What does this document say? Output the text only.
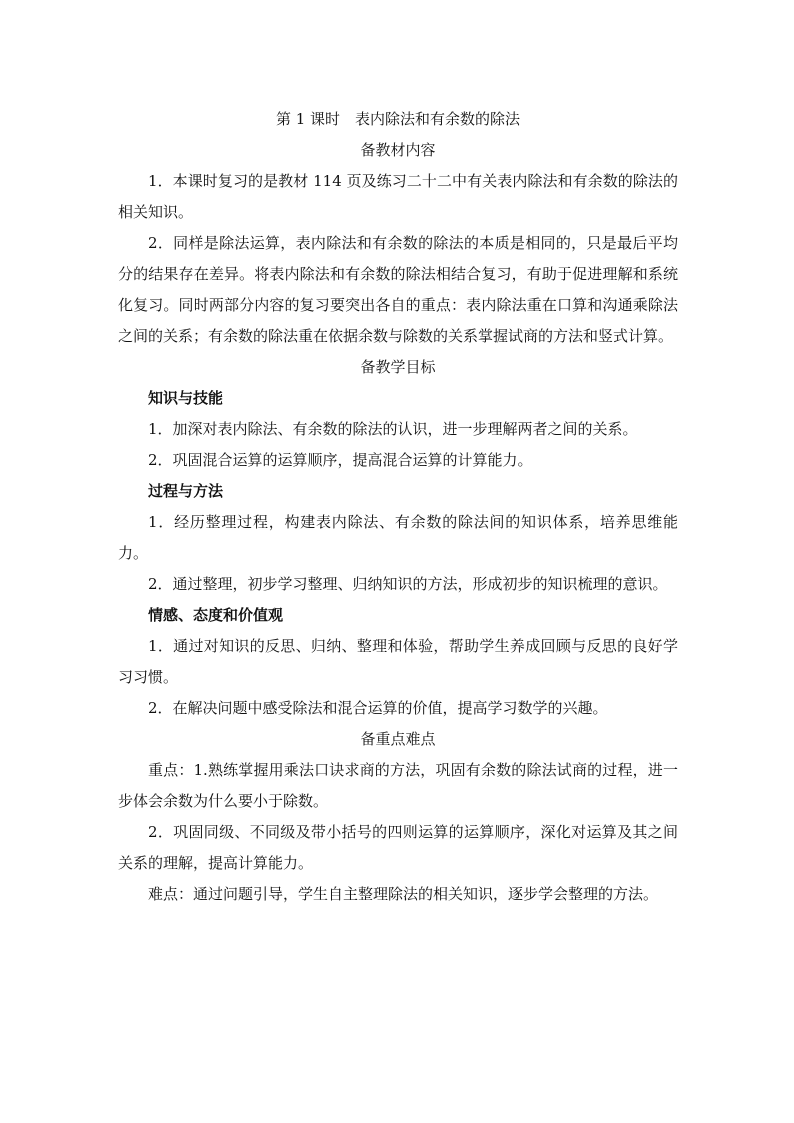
第 1 课时　表内除法和有余数的除法
备教材内容

1．本课时复习的是教材 114 页及练习二十二中有关表内除法和有余数的除法的相关知识。

2．同样是除法运算，表内除法和有余数的除法的本质是相同的，只是最后平均分的结果存在差异。将表内除法和有余数的除法相结合复习，有助于促进理解和系统化复习。同时两部分内容的复习要突出各自的重点：表内除法重在口算和沟通乘除法之间的关系；有余数的除法重在依据余数与除数的关系掌握试商的方法和竖式计算。

备教学目标
知识与技能

1．加深对表内除法、有余数的除法的认识，进一步理解两者之间的关系。

2．巩固混合运算的运算顺序，提高混合运算的计算能力。

过程与方法

1．经历整理过程，构建表内除法、有余数的除法间的知识体系，培养思维能力。

2．通过整理，初步学习整理、归纳知识的方法，形成初步的知识梳理的意识。

情感、态度和价值观

1．通过对知识的反思、归纳、整理和体验，帮助学生养成回顾与反思的良好学习习惯。

2．在解决问题中感受除法和混合运算的价值，提高学习数学的兴趣。

备重点难点

重点：1.熟练掌握用乘法口诀求商的方法，巩固有余数的除法试商的过程，进一步体会余数为什么要小于除数。

2．巩固同级、不同级及带小括号的四则运算的运算顺序，深化对运算及其之间关系的理解，提高计算能力。

难点：通过问题引导，学生自主整理除法的相关知识，逐步学会整理的方法。
